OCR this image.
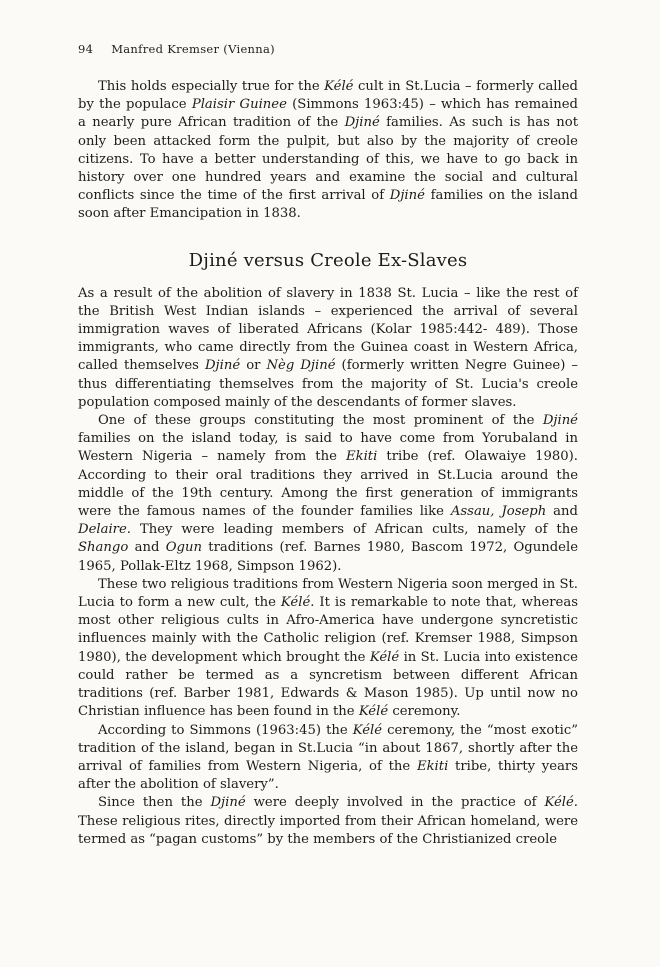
94 Manfred Kremser (Vienna)

This holds especially true for the Kélé cult in St.Lucia – formerly called by the populace Plaisir Guinee (Simmons 1963:45) – which has remained a nearly pure African tradition of the Djiné families. As such is has not only been attacked form the pulpit, but also by the majority of creole citizens. To have a better understanding of this, we have to go back in history over one hundred years and examine the social and cultural conflicts since the time of the first arrival of Djiné families on the island soon after Emancipation in 1838.

Djiné versus Creole Ex-Slaves

As a result of the abolition of slavery in 1838 St. Lucia – like the rest of the British West Indian islands – experienced the arrival of several immigration waves of liberated Africans (Kolar 1985:442- 489). Those immigrants, who came directly from the Guinea coast in Western Africa, called themselves Djiné or Nèg Djiné (formerly written Negre Guinee) – thus differentiating themselves from the majority of St. Lucia's creole population composed mainly of the descendants of former slaves.

One of these groups constituting the most prominent of the Djiné families on the island today, is said to have come from Yorubaland in Western Nigeria – namely from the Ekiti tribe (ref. Olawaiye 1980). According to their oral traditions they arrived in St.Lucia around the middle of the 19th century. Among the first generation of immigrants were the famous names of the founder families like Assau, Joseph and Delaire. They were leading members of African cults, namely of the Shango and Ogun traditions (ref. Barnes 1980, Bascom 1972, Ogundele 1965, Pollak-Eltz 1968, Simpson 1962).

These two religious traditions from Western Nigeria soon merged in St. Lucia to form a new cult, the Kélé. It is remarkable to note that, whereas most other religious cults in Afro-America have undergone syncretistic influences mainly with the Catholic religion (ref. Kremser 1988, Simpson 1980), the development which brought the Kélé in St. Lucia into existence could rather be termed as a syncretism between different African traditions (ref. Barber 1981, Edwards & Mason 1985). Up until now no Christian influence has been found in the Kélé ceremony.

According to Simmons (1963:45) the Kélé ceremony, the “most exotic” tradition of the island, began in St.Lucia “in about 1867, shortly after the arrival of families from Western Nigeria, of the Ekiti tribe, thirty years after the abolition of slavery”.

Since then the Djiné were deeply involved in the practice of Kélé. These religious rites, directly imported from their African homeland, were termed as “pagan customs” by the members of the Christianized creole
